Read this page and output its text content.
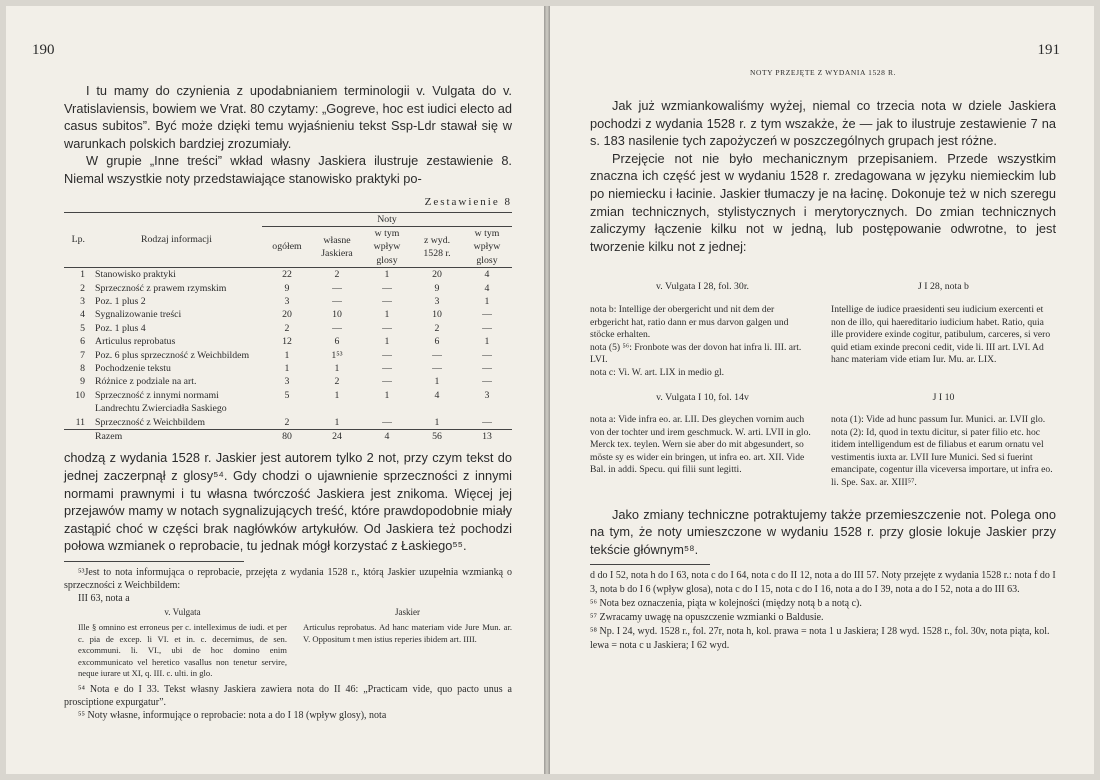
190

I tu mamy do czynienia z upodabnianiem terminologii v. Vulgata do v. Vratislaviensis, bowiem we Vrat. 80 czytamy: „Gogreve, hoc est iudici electo ad casus subitos”. Być może dzięki temu wyjaśnieniu tekst Ssp-Ldr stawał się w warunkach polskich bardziej zrozumiały.

W grupie „Inne treści” wkład własny Jaskiera ilustruje zestawienie 8. Niemal wszystkie noty przedstawiające stanowisko praktyki po-

Zestawienie 8
Lp.	Rodzaj informacji	Noty				
		ogółem	własne Jaskiera	w tym wpływ glosy	z wyd. 1528 r.	w tym wpływ glosy
1	Stanowisko praktyki	22	2	1	20	4
2	Sprzeczność z prawem rzymskim	9	—	—	9	4
3	Poz. 1 plus 2	3	—	—	3	1
4	Sygnalizowanie treści	20	10	1	10	—
5	Poz. 1 plus 4	2	—	—	2	—
6	Articulus reprobatus	12	6	1	6	1
7	Poz. 6 plus sprzeczność z Weichbildem	1	1⁵³	—	—	—
8	Pochodzenie tekstu	1	1	—	—	—
9	Różnice z podziale na art.	3	2	—	1	—
10	Sprzeczność z innymi normami Landrechtu Zwierciadła Saskiego	5	1	1	4	3
11	Sprzeczność z Weichbildem	2	1	—	1	—
	Razem	80	24	4	56	13

chodzą z wydania 1528 r. Jaskier jest autorem tylko 2 not, przy czym tekst do jednej zaczerpnął z glosy⁵⁴. Gdy chodzi o ujawnienie sprzeczności z innymi normami prawnymi i tu własna twórczość Jaskiera jest znikoma. Więcej jej przejawów mamy w notach sygnalizujących treść, które prawdopodobnie miały zastąpić choć w części brak nagłówków artykułów. Od Jaskiera też pochodzi połowa wzmianek o reprobacie, tu jednak mógł korzystać z Łaskiego⁵⁵.

⁵³Jest to nota informująca o reprobacie, przejęta z wydania 1528 r., którą Jaskier uzupełnia wzmianką o sprzeczności z Weichbildem:

III 63, nota a

v. Vulgata
Ille § omnino est erroneus per c. intelleximus de iudi. et per c. pia de excep. li VI. et in. c. decernimus, de sen. excommuni. li. VI., ubi de hoc domino enim excommunicato vel heretico vasallus non tenetur servire, neque iurare ut XI, q. III. c. ulti. in glo.
Jaskier
Articulus reprobatus. Ad hanc materiam vide Jure Mun. ar. V. Oppositum t men istius reperies ibidem art. IIII.

⁵⁴ Nota e do I 33. Tekst własny Jaskiera zawiera nota do II 46: „Practicam vide, quo pacto unus a prosciptione expurgatur”.

⁵⁵ Noty własne, informujące o reprobacie: nota a do I 18 (wpływ glosy), nota

191
NOTY PRZEJĘTE Z WYDANIA 1528 R.

Jak już wzmiankowaliśmy wyżej, niemal co trzecia nota w dziele Jaskiera pochodzi z wydania 1528 r. z tym wszakże, że — jak to ilustruje zestawienie 7 na s. 183 nasilenie tych zapożyczeń w poszczególnych grupach jest różne.

Przejęcie not nie było mechanicznym przepisaniem. Przede wszystkim znaczna ich część jest w wydaniu 1528 r. zredagowana w języku niemieckim lub po niemiecku i łacinie. Jaskier tłumaczy je na łacinę. Dokonuje też w nich szeregu zmian technicznych, stylistycznych i merytorycznych. Do zmian technicznych zaliczymy łączenie kilku not w jedną, lub postępowanie odwrotne, to jest tworzenie kilku not z jednej:

v. Vulgata I 28, fol. 30r.
nota b: Intellige der obergericht und nit dem der erbgericht hat, ratio dann er mus darvon galgen und stöcke erhalten.
nota (5) ⁵⁶: Fronbote was der dovon hat infra li. III. art. LVI.
nota c: Vi. W. art. LIX in medio gl.
J I 28, nota b
Intellige de iudice praesidenti seu iudicium exercenti et non de illo, qui haereditario iudicium habet. Ratio, quia ille providere exinde cogitur, patibulum, carceres, si vero quid etiam exinde preconi cedit, vide li. III art. LVI. Ad hanc materiam vide etiam Iur. Mu. ar. LIX.
v. Vulgata I 10, fol. 14v
nota a: Vide infra eo. ar. LII. Des gleychen vornim auch von der tochter und irem geschmuck. W. arti. LVII in glo. Merck tex. teylen. Wern sie aber do mit abgesundert, so möste sy es wider ein bringen, ut infra eo. art. XII. Vide Bal. in addi. Specu. qui filii sunt legitti.
J I 10
nota (1): Vide ad hunc passum Iur. Munici. ar. LVII glo.
nota (2): Id, quod in textu dicitur, si pater filio etc. hoc itidem intelligendum est de filiabus et earum ornatu vel vestimentis iuxta ar. LVII Iure Munici. Sed si fuerint emancipate, cogentur illa viceversa importare, ut infra eo. li. Spe. Sax. ar. XIII⁵⁷.

Jako zmiany techniczne potraktujemy także przemieszczenie not. Polega ono na tym, że noty umieszczone w wydaniu 1528 r. przy glosie lokuje Jaskier przy tekście głównym⁵⁸.

d do I 52, nota h do I 63, nota c do I 64, nota c do II 12, nota a do III 57. Noty przejęte z wydania 1528 r.: nota f do I 3, nota b do I 6 (wpływ glosa), nota c do I 15, nota c do I 16, nota a do I 39, nota a do I 52, nota a do III 63.
⁵⁶ Nota bez oznaczenia, piąta w kolejności (między notą b a notą c).
⁵⁷ Zwracamy uwagę na opuszczenie wzmianki o Baldusie.
⁵⁸ Np. I 24, wyd. 1528 r., fol. 27r, nota h, kol. prawa = nota 1 u Jaskiera; I 28 wyd. 1528 r., fol. 30v, nota piąta, kol. lewa = nota c u Jaskiera; I 62 wyd.
